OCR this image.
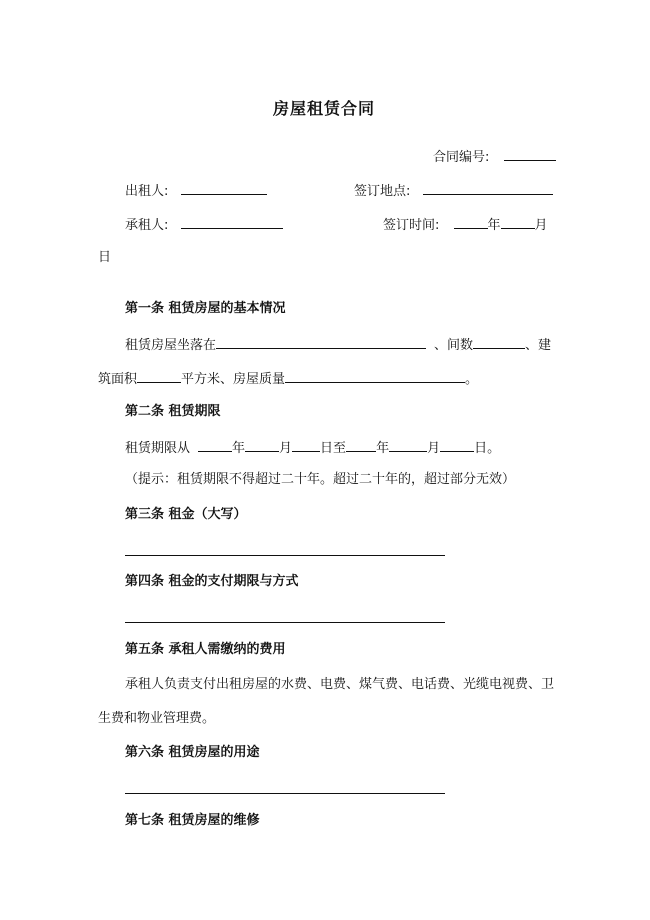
房屋租赁合同
合同编号:
出租人:	签订地点:
承租人:	签订时间:	年	月
日
第一条 租赁房屋的基本情况
租赁房屋坐落在	、间数	、建
筑面积	平方米、房屋质量	。
第二条 租赁期限
租赁期限从	年	月 日至 年	月	日。
（提示：租赁期限不得超过二十年。超过二十年的，超过部分无效）
第三条 租金（大写）
第四条 租金的支付期限与方式
第五条 承租人需缴纳的费用
承租人负责支付出租房屋的水费、电费、煤气费、电话费、光缆电视费、卫
生费和物业管理费。
第六条 租赁房屋的用途
第七条 租赁房屋的维修
